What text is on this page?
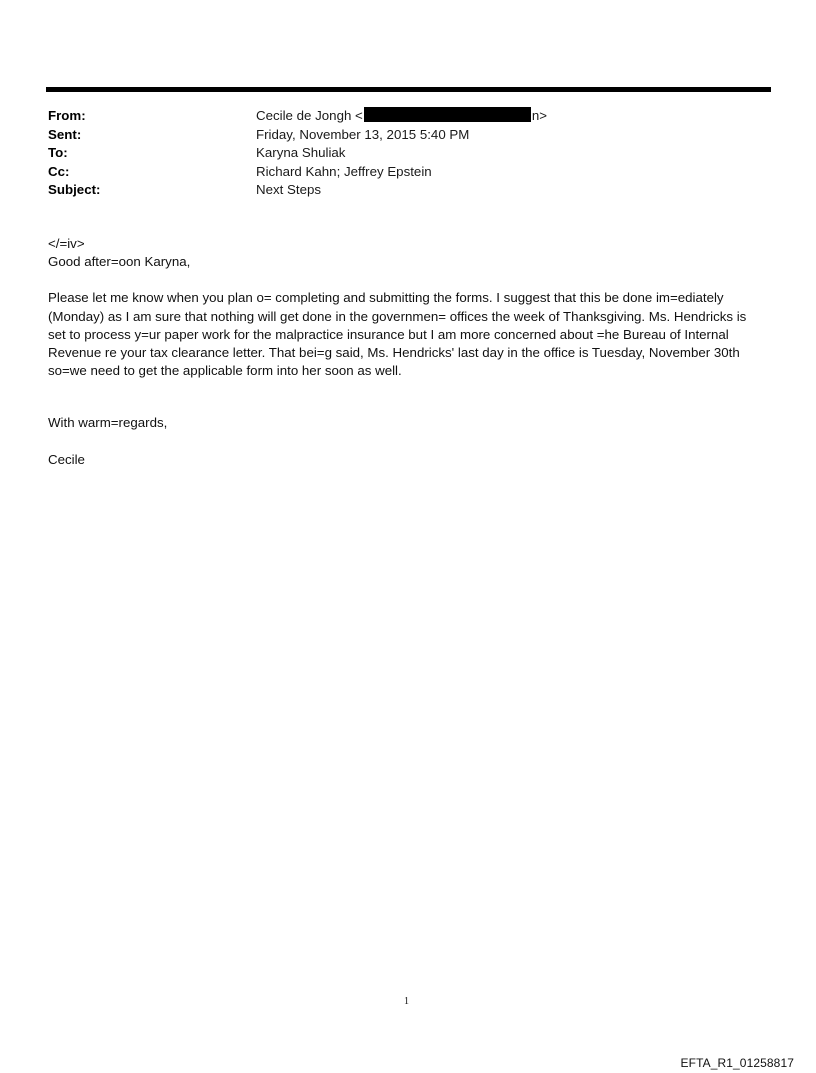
From:	Cecile de Jongh <	n>
Sent:	Friday, November 13, 2015 5:40 PM
To:	Karyna Shuliak
Cc:	Richard Kahn; Jeffrey Epstein
Subject:	Next Steps
</=iv>
Good after=oon Karyna,

Please let me know when you plan o= completing and submitting the forms. I suggest that this be done im=ediately
(Monday) as I am sure that nothing will get done in the governmen= offices the week of Thanksgiving. Ms. Hendricks is
set to process y=ur paper work for the malpractice insurance but I am more concerned about =he Bureau of Internal
Revenue re your tax clearance letter. That bei=g said, Ms. Hendricks' last day in the office is Tuesday, November 30th
so=we need to get the applicable form into her soon as well.

With warm=regards,
Cecile
1
EFTA_R1_01258817
